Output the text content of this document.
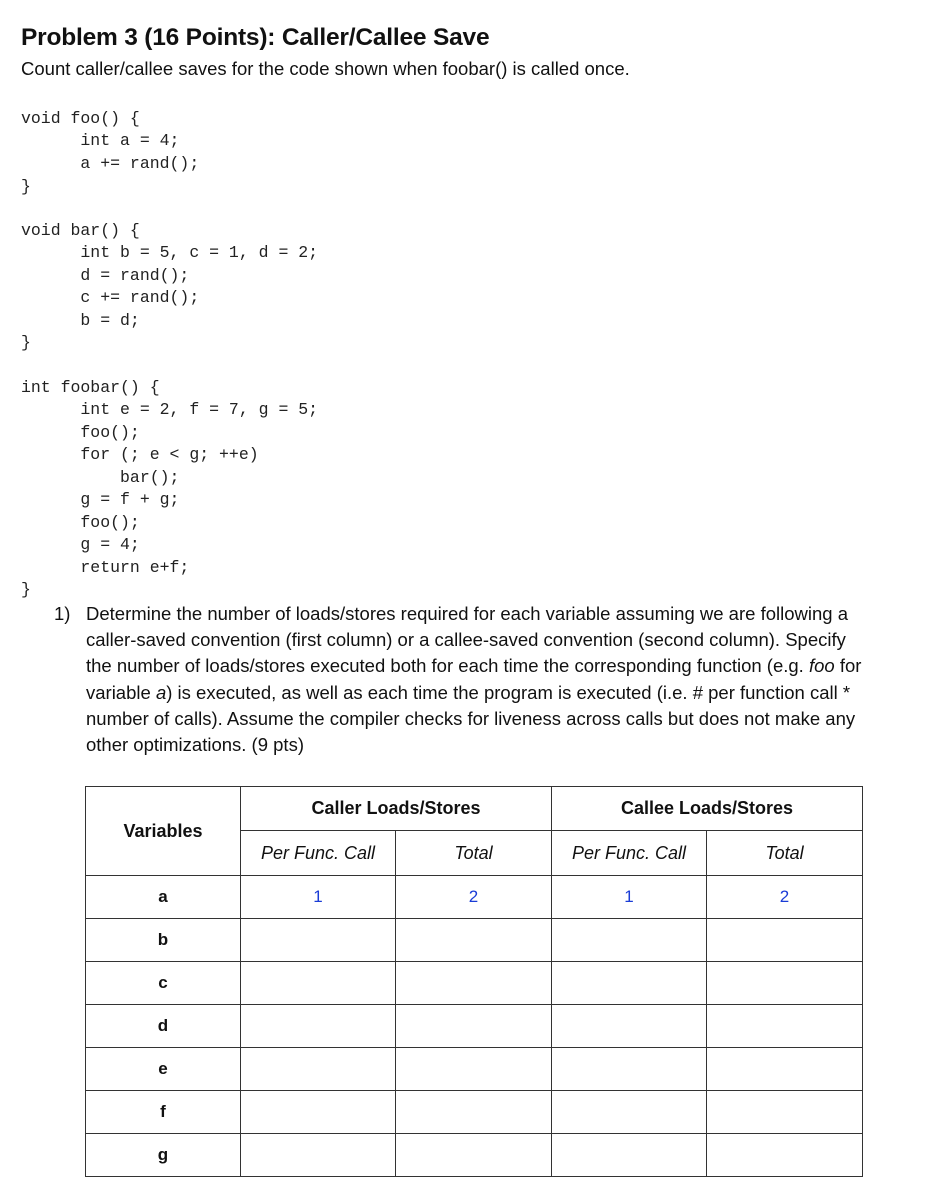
Problem 3 (16 Points): Caller/Callee Save
Count caller/callee saves for the code shown when foobar() is called once.
void foo() {
int a = 4;
a += rand();
}
void bar() {
int b = 5, c = 1, d = 2;
d = rand();
c += rand();
b = d;
}
int foobar() {
int e = 2, f = 7, g = 5;
foo();
for (; e < g; ++e)
bar();
g = f + g;
foo();
g = 4;
return e+f;
}
1) Determine the number of loads/stores required for each variable assuming we are following a caller-saved convention (first column) or a callee-saved convention (second column). Specify the number of loads/stores executed both for each time the corresponding function (e.g. foo for variable a) is executed, as well as each time the program is executed (i.e. # per function call * number of calls). Assume the compiler checks for liveness across calls but does not make any other optimizations. (9 pts)
Variables	Caller Loads/Stores		Callee Loads/Stores	
	Per Func. Call	Total	Per Func. Call	Total
a	1	2	1	2
b				
c				
d				
e				
f				
g				
